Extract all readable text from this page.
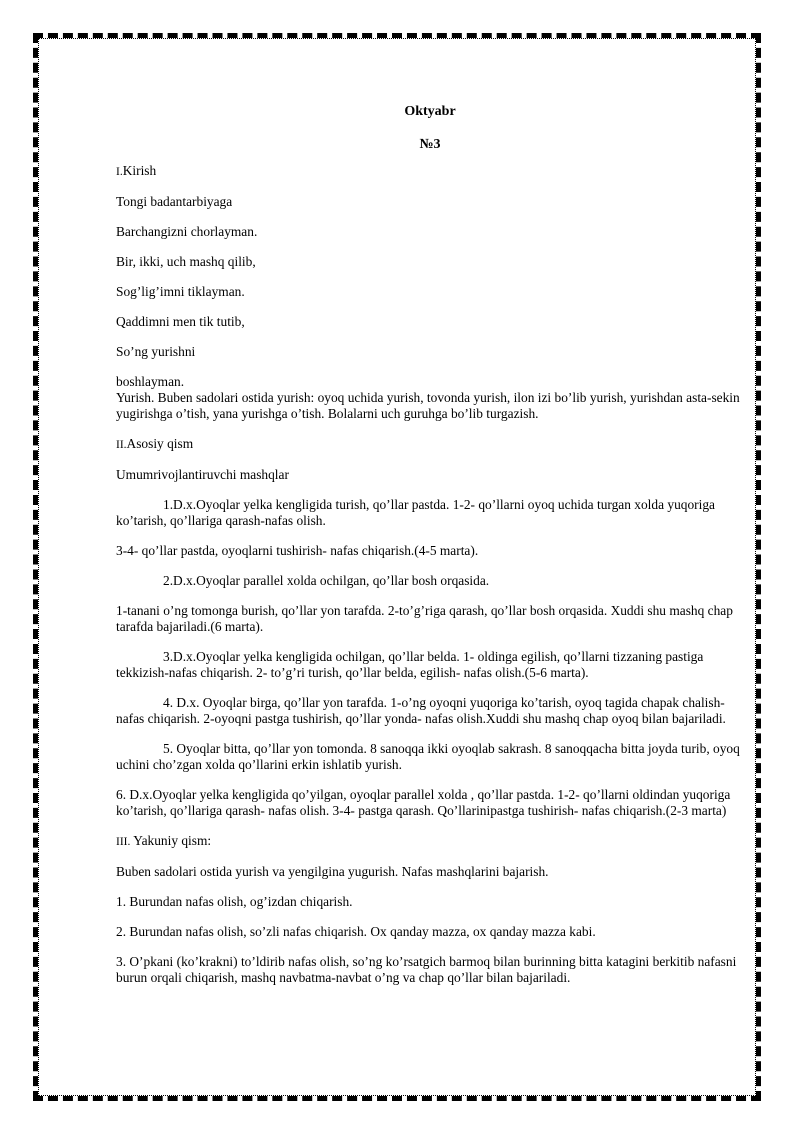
Oktyabr

№3

I.Kirish

Tongi badantarbiyaga

Barchangizni chorlayman.

Bir, ikki, uch mashq qilib,

Sog’lig’imni tiklayman.

Qaddimni men tik tutib,

So’ng yurishni

boshlayman.

Yurish. Buben sadolari ostida yurish: oyoq uchida yurish, tovonda yurish, ilon izi bo’lib yurish, yurishdan asta-sekin yugirishga o’tish, yana yurishga o’tish. Bolalarni uch guruhga bo’lib turgazish.

II.Asosiy qism

Umumrivojlantiruvchi mashqlar

1.D.x.Oyoqlar yelka kengligida turish, qo’llar pastda. 1-2- qo’llarni oyoq uchida turgan xolda yuqoriga ko’tarish, qo’llariga qarash-nafas olish.

3-4- qo’llar pastda, oyoqlarni tushirish- nafas chiqarish.(4-5 marta).

2.D.x.Oyoqlar parallel xolda ochilgan, qo’llar bosh orqasida.

1-tanani o’ng tomonga burish, qo’llar yon tarafda. 2-to’g’riga qarash, qo’llar bosh orqasida. Xuddi shu mashq chap tarafda bajariladi.(6 marta).

3.D.x.Oyoqlar yelka kengligida ochilgan, qo’llar belda. 1- oldinga egilish, qo’llarni tizzaning pastiga tekkizish-nafas chiqarish. 2- to’g’ri turish, qo’llar belda, egilish- nafas olish.(5-6 marta).

4. D.x. Oyoqlar birga, qo’llar yon tarafda. 1-o’ng oyoqni yuqoriga ko’tarish, oyoq tagida chapak chalish- nafas chiqarish. 2-oyoqni pastga tushirish, qo’llar yonda- nafas olish.Xuddi shu mashq chap oyoq bilan bajariladi.

5. Oyoqlar bitta, qo’llar yon tomonda. 8 sanoqqa ikki oyoqlab sakrash. 8 sanoqqacha bitta joyda turib, oyoq uchini cho’zgan xolda qo’llarini erkin ishlatib yurish.

6. D.x.Oyoqlar yelka kengligida qo’yilgan, oyoqlar parallel xolda , qo’llar pastda. 1-2- qo’llarni oldindan yuqoriga ko’tarish, qo’llariga qarash- nafas olish. 3-4- pastga qarash. Qo’llarinipastga tushirish- nafas chiqarish.(2-3 marta)

III. Yakuniy qism:

Buben sadolari ostida yurish va yengilgina yugurish. Nafas mashqlarini bajarish.

1. Burundan nafas olish, og’izdan chiqarish.

2. Burundan nafas olish, so’zli nafas chiqarish. Ox qanday mazza, ox qanday mazza kabi.

3. O’pkani (ko’krakni) to’ldirib nafas olish, so’ng ko’rsatgich barmoq bilan burinning bitta katagini berkitib nafasni burun orqali chiqarish, mashq navbatma-navbat o’ng va chap qo’llar bilan bajariladi.
